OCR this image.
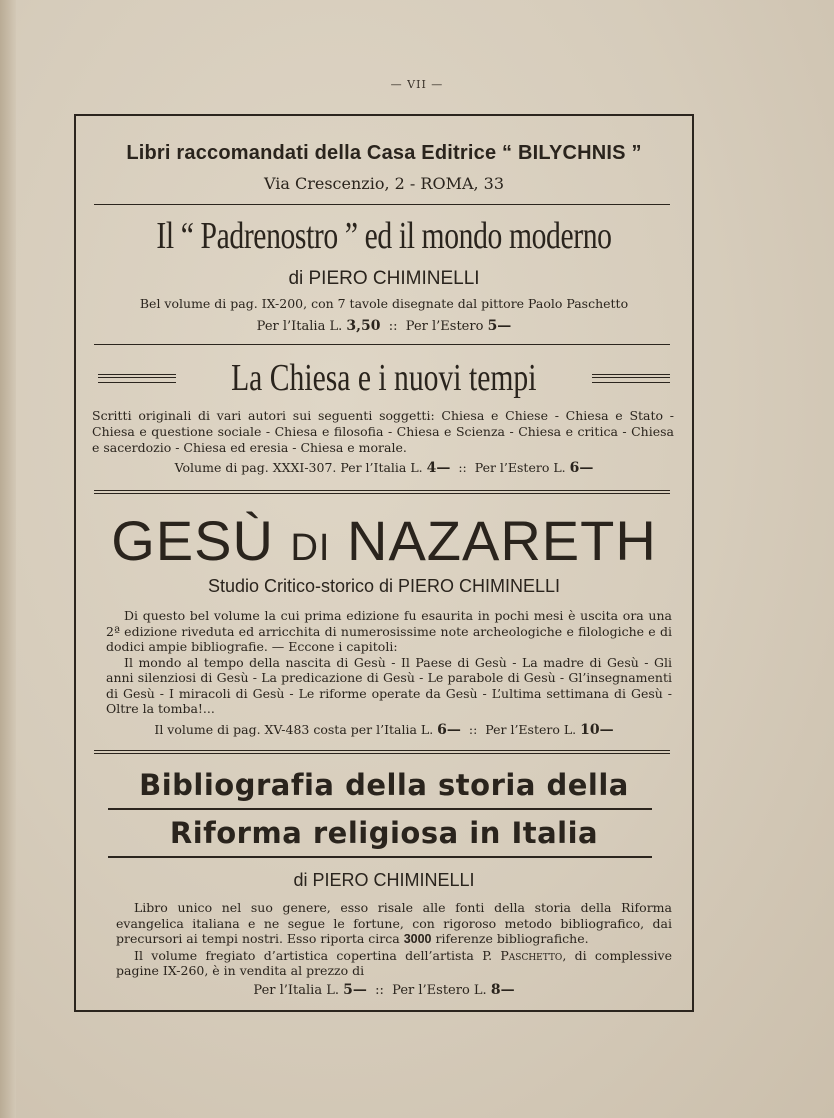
— VII —
Libri raccomandati della Casa Editrice “ BILYCHNIS ”
Via Crescenzio, 2 - ROMA, 33
Il “ Padrenostro ” ed il mondo moderno
di PIERO CHIMINELLI
Bel volume di pag. IX-200, con 7 tavole disegnate dal pittore Paolo Paschetto
Per l’Italia L. 3,50 :: Per l’Estero 5—
La Chiesa e i nuovi tempi
Scritti originali di vari autori sui seguenti soggetti: Chiesa e Chiese - Chiesa e Stato - Chiesa e questione sociale - Chiesa e filosofia - Chiesa e Scienza - Chiesa e critica - Chiesa e sacerdozio - Chiesa ed eresia - Chiesa e morale.
Volume di pag. XXXI-307. Per l’Italia L. 4— :: Per l’Estero L. 6—
GESÙ DI NAZARETH
Studio Critico-storico di PIERO CHIMINELLI
Di questo bel volume la cui prima edizione fu esaurita in pochi mesi è uscita ora una 2ª edizione riveduta ed arricchita di numerosissime note archeologiche e filologiche e di dodici ampie bibliografie. — Eccone i capitoli:
Il mondo al tempo della nascita di Gesù - Il Paese di Gesù - La madre di Gesù - Gli anni silenziosi di Gesù - La predicazione di Gesù - Le parabole di Gesù - Gl’insegnamenti di Gesù - I miracoli di Gesù - Le riforme operate da Gesù - L’ultima settimana di Gesù - Oltre la tomba!...
Il volume di pag. XV-483 costa per l’Italia L. 6— :: Per l’Estero L. 10—
Bibliografia della storia della
Riforma religiosa in Italia
di PIERO CHIMINELLI
Libro unico nel suo genere, esso risale alle fonti della storia della Riforma evangelica italiana e ne segue le fortune, con rigoroso metodo bibliografico, dai precursori ai tempi nostri. Esso riporta circa 3000 riferenze bibliografiche.
Il volume fregiato d’artistica copertina dell’artista P. Paschetto, di complessive pagine IX-260, è in vendita al prezzo di
Per l’Italia L. 5— :: Per l’Estero L. 8—
